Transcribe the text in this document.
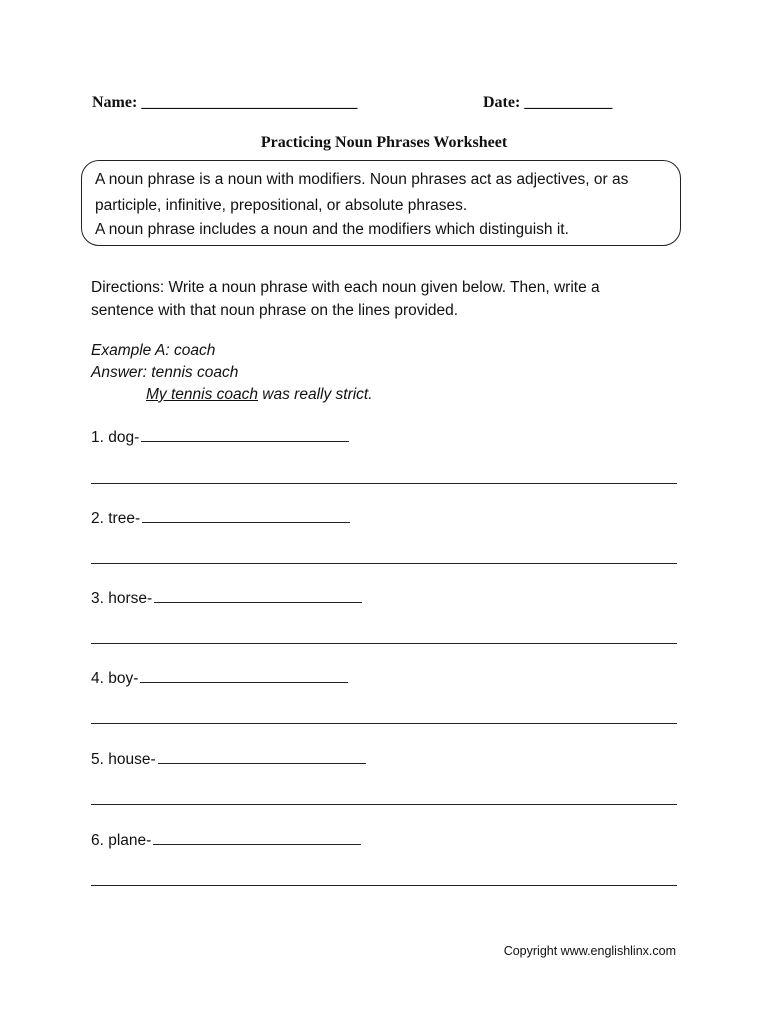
Name: ___________________________	Date: ___________
Practicing Noun Phrases Worksheet
A noun phrase is a noun with modifiers. Noun phrases act as adjectives, or as
participle, infinitive, prepositional, or absolute phrases.
A noun phrase includes a noun and the modifiers which distinguish it.
Directions: Write a noun phrase with each noun given below. Then, write a
sentence with that noun phrase on the lines provided.
Example A: coach
Answer: tennis coach
My tennis coach was really strict.
1. dog-
2. tree-
3. horse-
4. boy-
5. house-
6. plane-
Copyright www.englishlinx.com
